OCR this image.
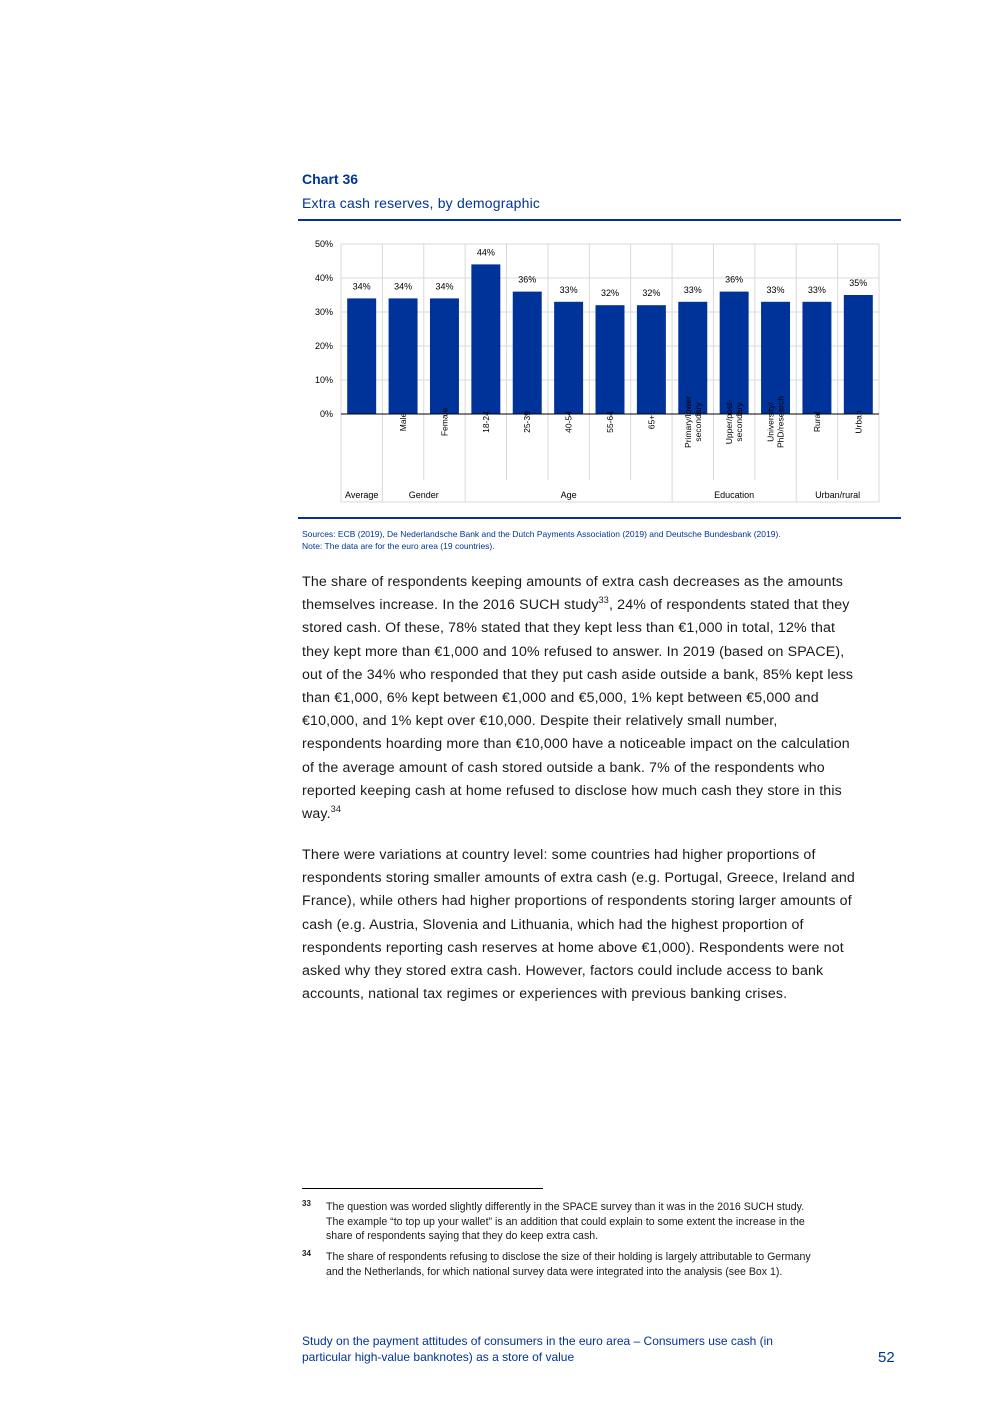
Chart 36
Extra cash reserves, by demographic
0%
10%
20%
30%
40%
50%
34%	34%
Male
34%
Female
44%
18-24
36%
25-39
33%
40-54
32%
55-64
32%
65+
33%
Primary/lowersecondary
36%
Upper/post-secondary
33%
University/PhD/research
33%
Rural
35%
Urban
Average	Gender	Age	Education	Urban/rural
Sources: ECB (2019), De Nederlandsche Bank and the Dutch Payments Association (2019) and Deutsche Bundesbank (2019).
Note: The data are for the euro area (19 countries).
The share of respondents keeping amounts of extra cash decreases as the amounts
themselves increase. In the 2016 SUCH study$^{33}$, 24% of respondents stated that they
stored cash. Of these, 78% stated that they kept less than €1,000 in total, 12% that
they kept more than €1,000 and 10% refused to answer. In 2019 (based on SPACE),
out of the 34% who responded that they put cash aside outside a bank, 85% kept less
than €1,000, 6% kept between €1,000 and €5,000, 1% kept between €5,000 and
€10,000, and 1% kept over €10,000. Despite their relatively small number,
respondents hoarding more than €10,000 have a noticeable impact on the calculation
of the average amount of cash stored outside a bank. 7% of the respondents who
reported keeping cash at home refused to disclose how much cash they store in this
way.$^{34}$
There were variations at country level: some countries had higher proportions of
respondents storing smaller amounts of extra cash (e.g. Portugal, Greece, Ireland and
France), while others had higher proportions of respondents storing larger amounts of
cash (e.g. Austria, Slovenia and Lithuania, which had the highest proportion of
respondents reporting cash reserves at home above €1,000). Respondents were not
asked why they stored extra cash. However, factors could include access to bank
accounts, national tax regimes or experiences with previous banking crises.
33 The question was worded slightly differently in the SPACE survey than it was in the 2016 SUCH study.
The example “to top up your wallet” is an addition that could explain to some extent the increase in the
share of respondents saying that they do keep extra cash.
34 The share of respondents refusing to disclose the size of their holding is largely attributable to Germany
and the Netherlands, for which national survey data were integrated into the analysis (see Box 1).
Study on the payment attitudes of consumers in the euro area – Consumers use cash (in
particular high-value banknotes) as a store of value	52
